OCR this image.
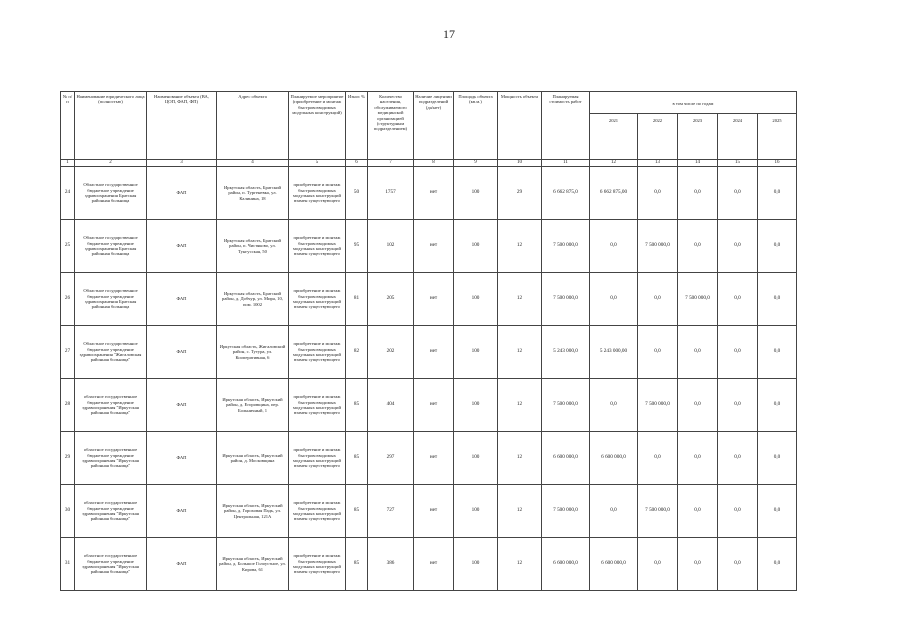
17
№ п/п	Наименование юридического лица (полностью)	Наименование объекта (ВА, ЦОП, ФАП, ФП)	Адрес объекта	Планируемое мероприятие (приобретение и монтаж быстровозводимых модульных конструкций)	Износ %	Количество населения, обслуживаемого медицинской организацией (структурным подразделением)	Наличие лицензии подразделений (да/нет)	Площадь объекта (кв.м.)	Мощность объекта	Планируемая стоимость работ	в том числе по годам				
											2021	2022	2023	2024	2025
1	2	3	4	5	6	7	8	9	10	11	12	13	14	15	16
24	Областное государственное бюджетное учреждение здравоохранения Братская районная больница	ФАП	Иркутская область, Братский район, п. Тургеневка, ул. Калинина, 18	приобретение и монтаж быстровозводимых модульных конструкций взамен существующего	50	1757	нет	100	29	6 662 875,0	6 662 875,00	0,0	0,0	0,0	0,0
25	Областное государственное бюджетное учреждение здравоохранения Братская районная больница	ФАП	Иркутская область, Братский район, п. Чистяково, ул. Тунгусская, 50	приобретение и монтаж быстровозводимых модульных конструкций взамен существующего	95	102	нет	100	12	7 500 000,0	0,0	7 500 000,0	0,0	0,0	0,0
26	Областное государственное бюджетное учреждение здравоохранения Братская районная больница	ФАП	Иркутская область, Братский район, д. Добчур, ул. Мира, 10, пом. 1002	приобретение и монтаж быстровозводимых модульных конструкций взамен существующего	81	205	нет	100	12	7 500 000,0	0,0	0,0	7 500 000,0	0,0	0,0
27	Областное государственное бюджетное учреждение здравоохранения "Жигаловская районная больница"	ФАП	Иркутская область, Жигаловский район, с. Тутура, ул. Кооперативная, 6	приобретение и монтаж быстровозводимых модульных конструкций взамен существующего	82	202	нет	100	12	5 243 000,0	5 243 000,00	0,0	0,0	0,0	0,0
28	областное государственное бюджетное учреждение здравоохранения "Иркутская районная больница"	ФАП	Иркутская область, Иркутский район, д. Егоровщина, пер. Больничный, 1	приобретение и монтаж быстровозводимых модульных конструкций взамен существующего	85	404	нет	100	12	7 500 000,0	0,0	7 500 000,0	0,0	0,0	0,0
29	областное государственное бюджетное учреждение здравоохранения "Иркутская районная больница"	ФАП	Иркутская область, Иркутский район, д. Московщина	приобретение и монтаж быстровозводимых модульных конструкций взамен существующего	85	297	нет	100	12	6 600 000,0	6 600 000,0	0,0	0,0	0,0	0,0
30	областное государственное бюджетное учреждение здравоохранения "Иркутская районная больница"	ФАП	Иркутская область, Иркутский район, д. Гороховая Падь, ул. Центральная, 121А	приобретение и монтаж быстровозводимых модульных конструкций взамен существующего	85	727	нет	100	12	7 500 000,0	0,0	7 500 000,0	0,0	0,0	0,0
31	областное государственное бюджетное учреждение здравоохранения "Иркутская районная больница"	ФАП	Иркутская область, Иркутский район, д. Большое Голоустное, ул. Кирова, 61	приобретение и монтаж быстровозводимых модульных конструкций взамен существующего	85	386	нет	100	12	6 600 000,0	6 600 000,0	0,0	0,0	0,0	0,0
